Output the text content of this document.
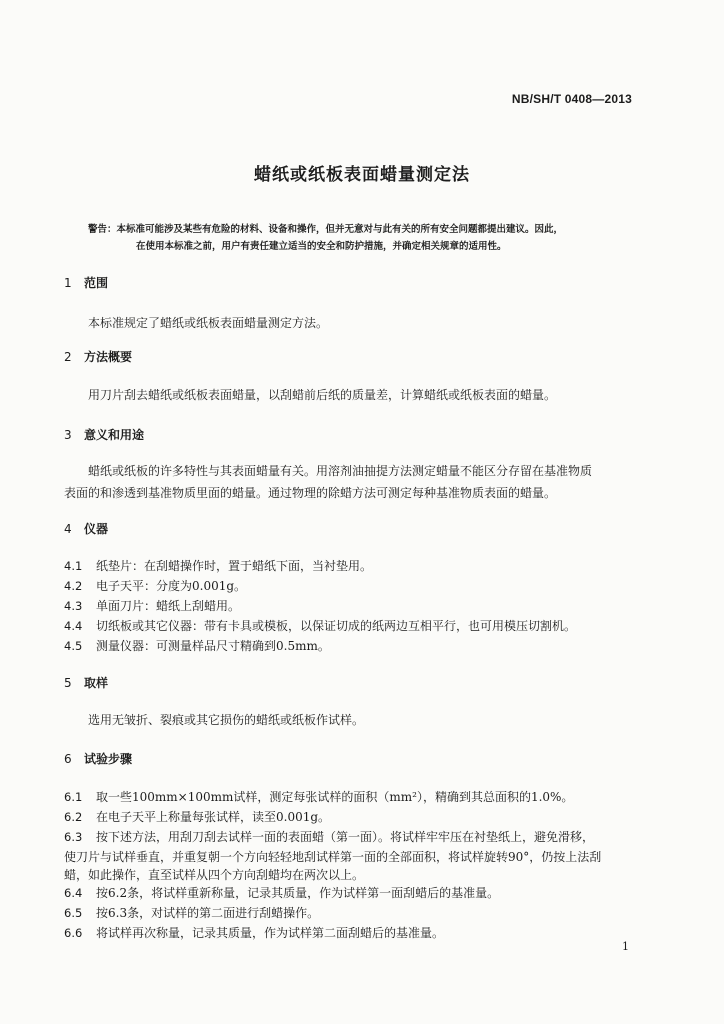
NB/SH/T 0408—2013
蜡纸或纸板表面蜡量测定法
警告：本标准可能涉及某些有危险的材料、设备和操作，但并无意对与此有关的所有安全问题都提出建议。因此，
在使用本标准之前，用户有责任建立适当的安全和防护措施，并确定相关规章的适用性。
1 范围
本标准规定了蜡纸或纸板表面蜡量测定方法。
2 方法概要
用刀片刮去蜡纸或纸板表面蜡量，以刮蜡前后纸的质量差，计算蜡纸或纸板表面的蜡量。
3 意义和用途
蜡纸或纸板的许多特性与其表面蜡量有关。用溶剂油抽提方法测定蜡量不能区分存留在基准物质
表面的和渗透到基准物质里面的蜡量。通过物理的除蜡方法可测定每种基准物质表面的蜡量。
4 仪器
4.1 纸垫片：在刮蜡操作时，置于蜡纸下面，当衬垫用。
4.2 电子天平：分度为0.001g。
4.3 单面刀片：蜡纸上刮蜡用。
4.4 切纸板或其它仪器：带有卡具或模板，以保证切成的纸两边互相平行，也可用模压切割机。
4.5 测量仪器：可测量样品尺寸精确到0.5mm。
5 取样
选用无皱折、裂痕或其它损伤的蜡纸或纸板作试样。
6 试验步骤
6.1 取一些100mm×100mm试样，测定每张试样的面积（mm²），精确到其总面积的1.0%。
6.2 在电子天平上称量每张试样，读至0.001g。
6.3 按下述方法，用刮刀刮去试样一面的表面蜡（第一面）。将试样牢牢压在衬垫纸上，避免滑移，
使刀片与试样垂直，并重复朝一个方向轻轻地刮试样第一面的全部面积，将试样旋转90°，仍按上法刮
蜡，如此操作，直至试样从四个方向刮蜡均在两次以上。
6.4 按6.2条，将试样重新称量，记录其质量，作为试样第一面刮蜡后的基准量。
6.5 按6.3条，对试样的第二面进行刮蜡操作。
6.6 将试样再次称量，记录其质量，作为试样第二面刮蜡后的基准量。
1
